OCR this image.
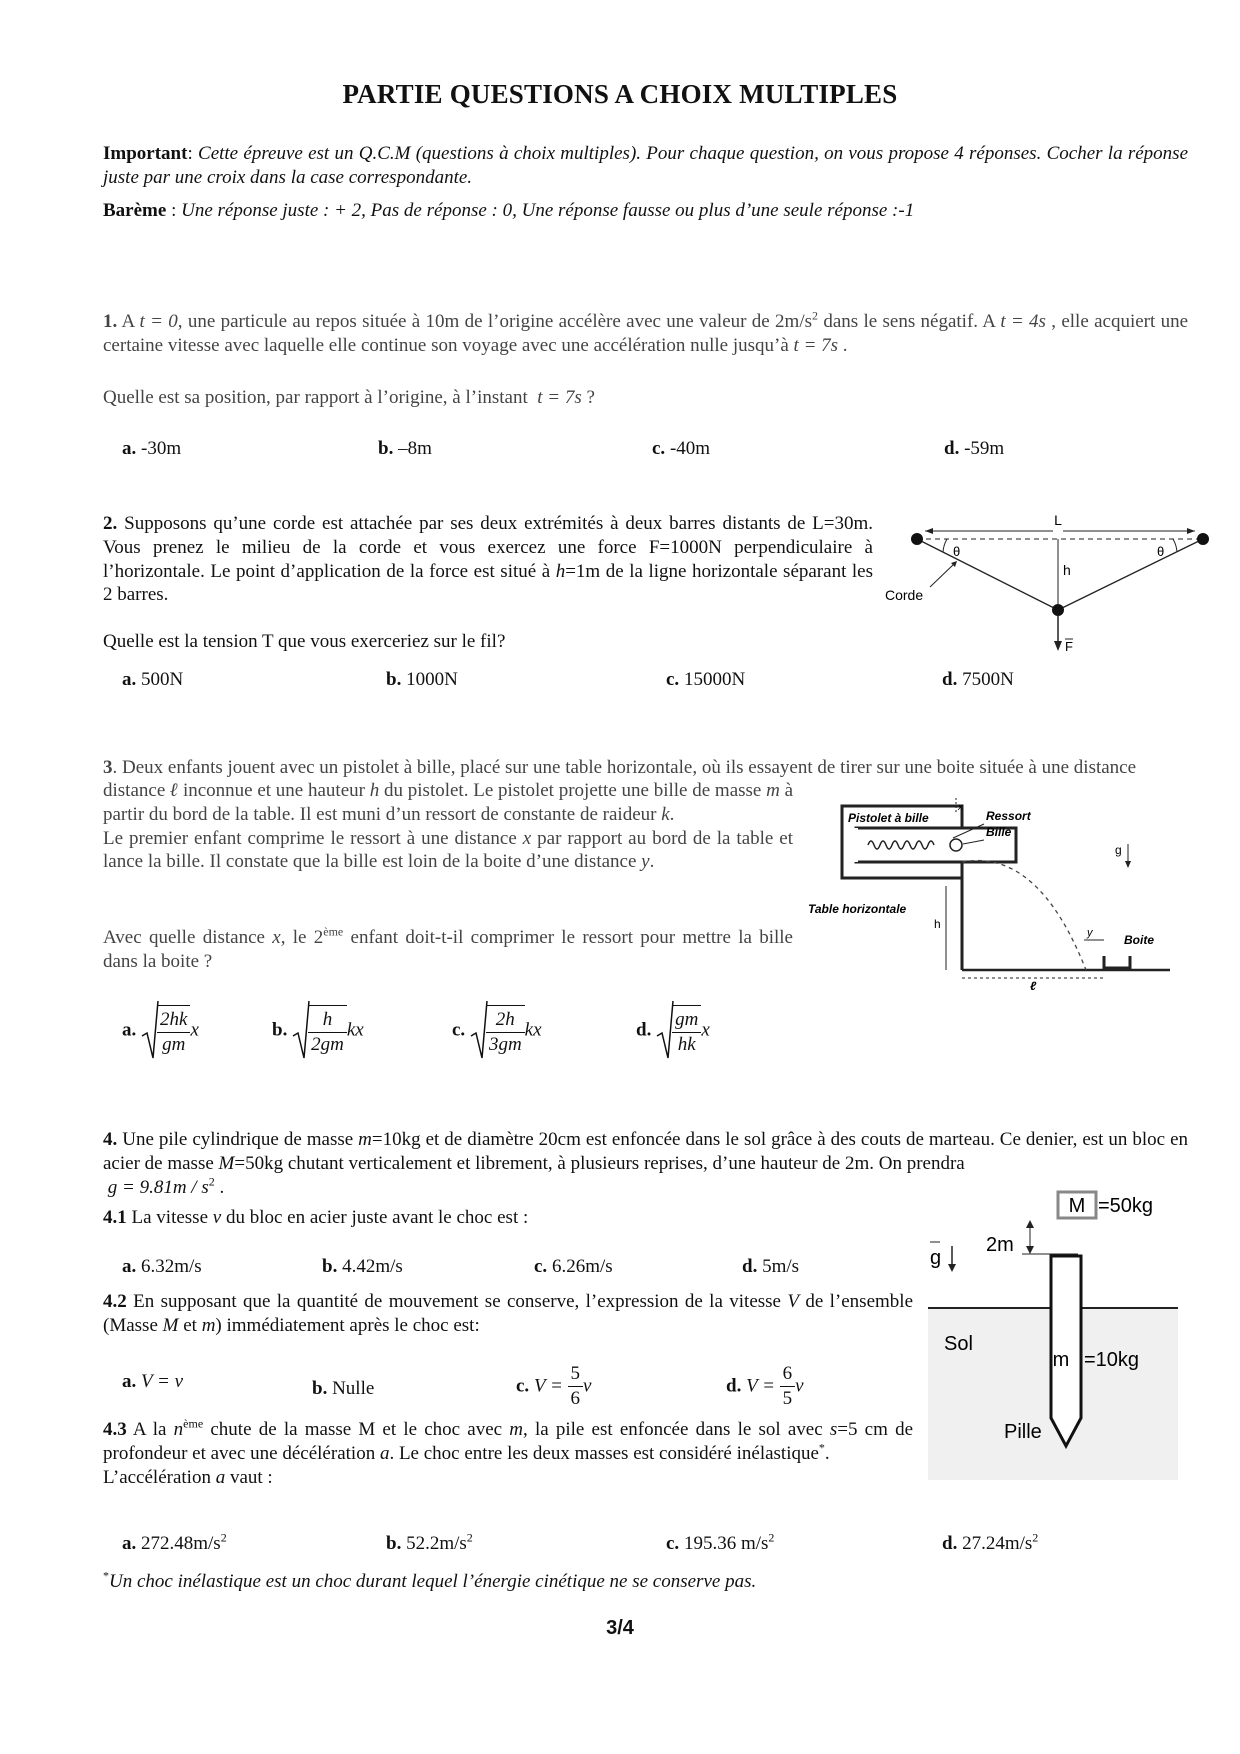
PARTIE QUESTIONS A CHOIX MULTIPLES
Important: Cette épreuve est un Q.C.M (questions à choix multiples). Pour chaque question, on vous propose 4 réponses. Cocher la réponse juste par une croix dans la case correspondante.
Barème : Une réponse juste : + 2, Pas de réponse : 0, Une réponse fausse ou plus d’une seule réponse :-1
1. A t = 0, une particule au repos située à 10m de l’origine accélère avec une valeur de $2m/s^2$ dans le sens négatif. A t = 4s , elle acquiert une certaine vitesse avec laquelle elle continue son voyage avec une accélération nulle jusqu’à t = 7s .
Quelle est sa position, par rapport à l’origine, à l’instant t = 7s ?
a. -30m	b. –8m	c. -40m	d. -59m
2. Supposons qu’une corde est attachée par ses deux extrémités à deux barres distants de L=30m. Vous prenez le milieu de la corde et vous exercez une force F=1000N perpendiculaire à l’horizontale. Le point d’application de la force est situé à h=1m de la ligne horizontale séparant les 2 barres.
Quelle est la tension T que vous exerceriez sur le fil?
L
θ	θ
h
F
Corde
a. 500N	b. 1000N	c. 15000N	d. 7500N
Pistolet à bille	Ressort
Bille
x
Table horizontale
h
g
Boite
y
ℓ
distance ℓ inconnue et une hauteur h du pistolet. Le pistolet projette une bille de masse m à partir du bord de la table. Il est muni d’un ressort de constante de raideur k.
Le premier enfant comprime le ressort à une distance x par rapport au bord de la table et lance la bille. Il constate que la bille est loin de la boite d’une distance y.
Avec quelle distance x, le 2ème enfant doit-t-il comprimer le ressort pour mettre la bille dans la boite ?
a. $\frac{2hk}{gm}$ x	b. $\frac{h}{2gm}$ kx	c. $\frac{2h}{3gm}$ kx	d. $\frac{gm}{hk}$ x
4. Une pile cylindrique de masse m=10kg et de diamètre 20cm est enfoncée dans le sol grâce à des couts de marteau. Ce denier, est un bloc en acier de masse M=50kg chutant verticalement et librement, à plusieurs reprises, d’une hauteur de 2m. On prendra
$g = 9.81m / s^2$ .
4.1 La vitesse v du bloc en acier juste avant le choc est :
a. 6.32m/s	b. 4.42m/s	c. 6.26m/s	d. 5m/s
4.2 En supposant que la quantité de mouvement se conserve, l’expression de la vitesse V de l’ensemble (Masse M et m) immédiatement après le choc est:
a. V = v	b. Nulle	c. $V = \frac{5}{6}$ v	d. $V = \frac{6}{5}$ v
4.3 A la $n^{ème}$ chute de la masse M et le choc avec m, la pile est enfoncée dans le sol avec s=5 cm de profondeur et avec une décélération a. Le choc entre les deux masses est considéré inélastique*.
L’accélération a vaut :
a. $272.48m/s^2$	b. $52.2m/s^2$	c. 195.36 $m/s^2$	d. $27.24m/s^2$
*Un choc inélastique est un choc durant lequel l’énergie cinétique ne se conserve pas.
M =50kg
2m
g
Sol
m =10kg
Pille
3/4
3. Deux enfants jouent avec un pistolet à bille, placé sur une table horizontale, où ils essayent de tirer sur une boite située à une distance
